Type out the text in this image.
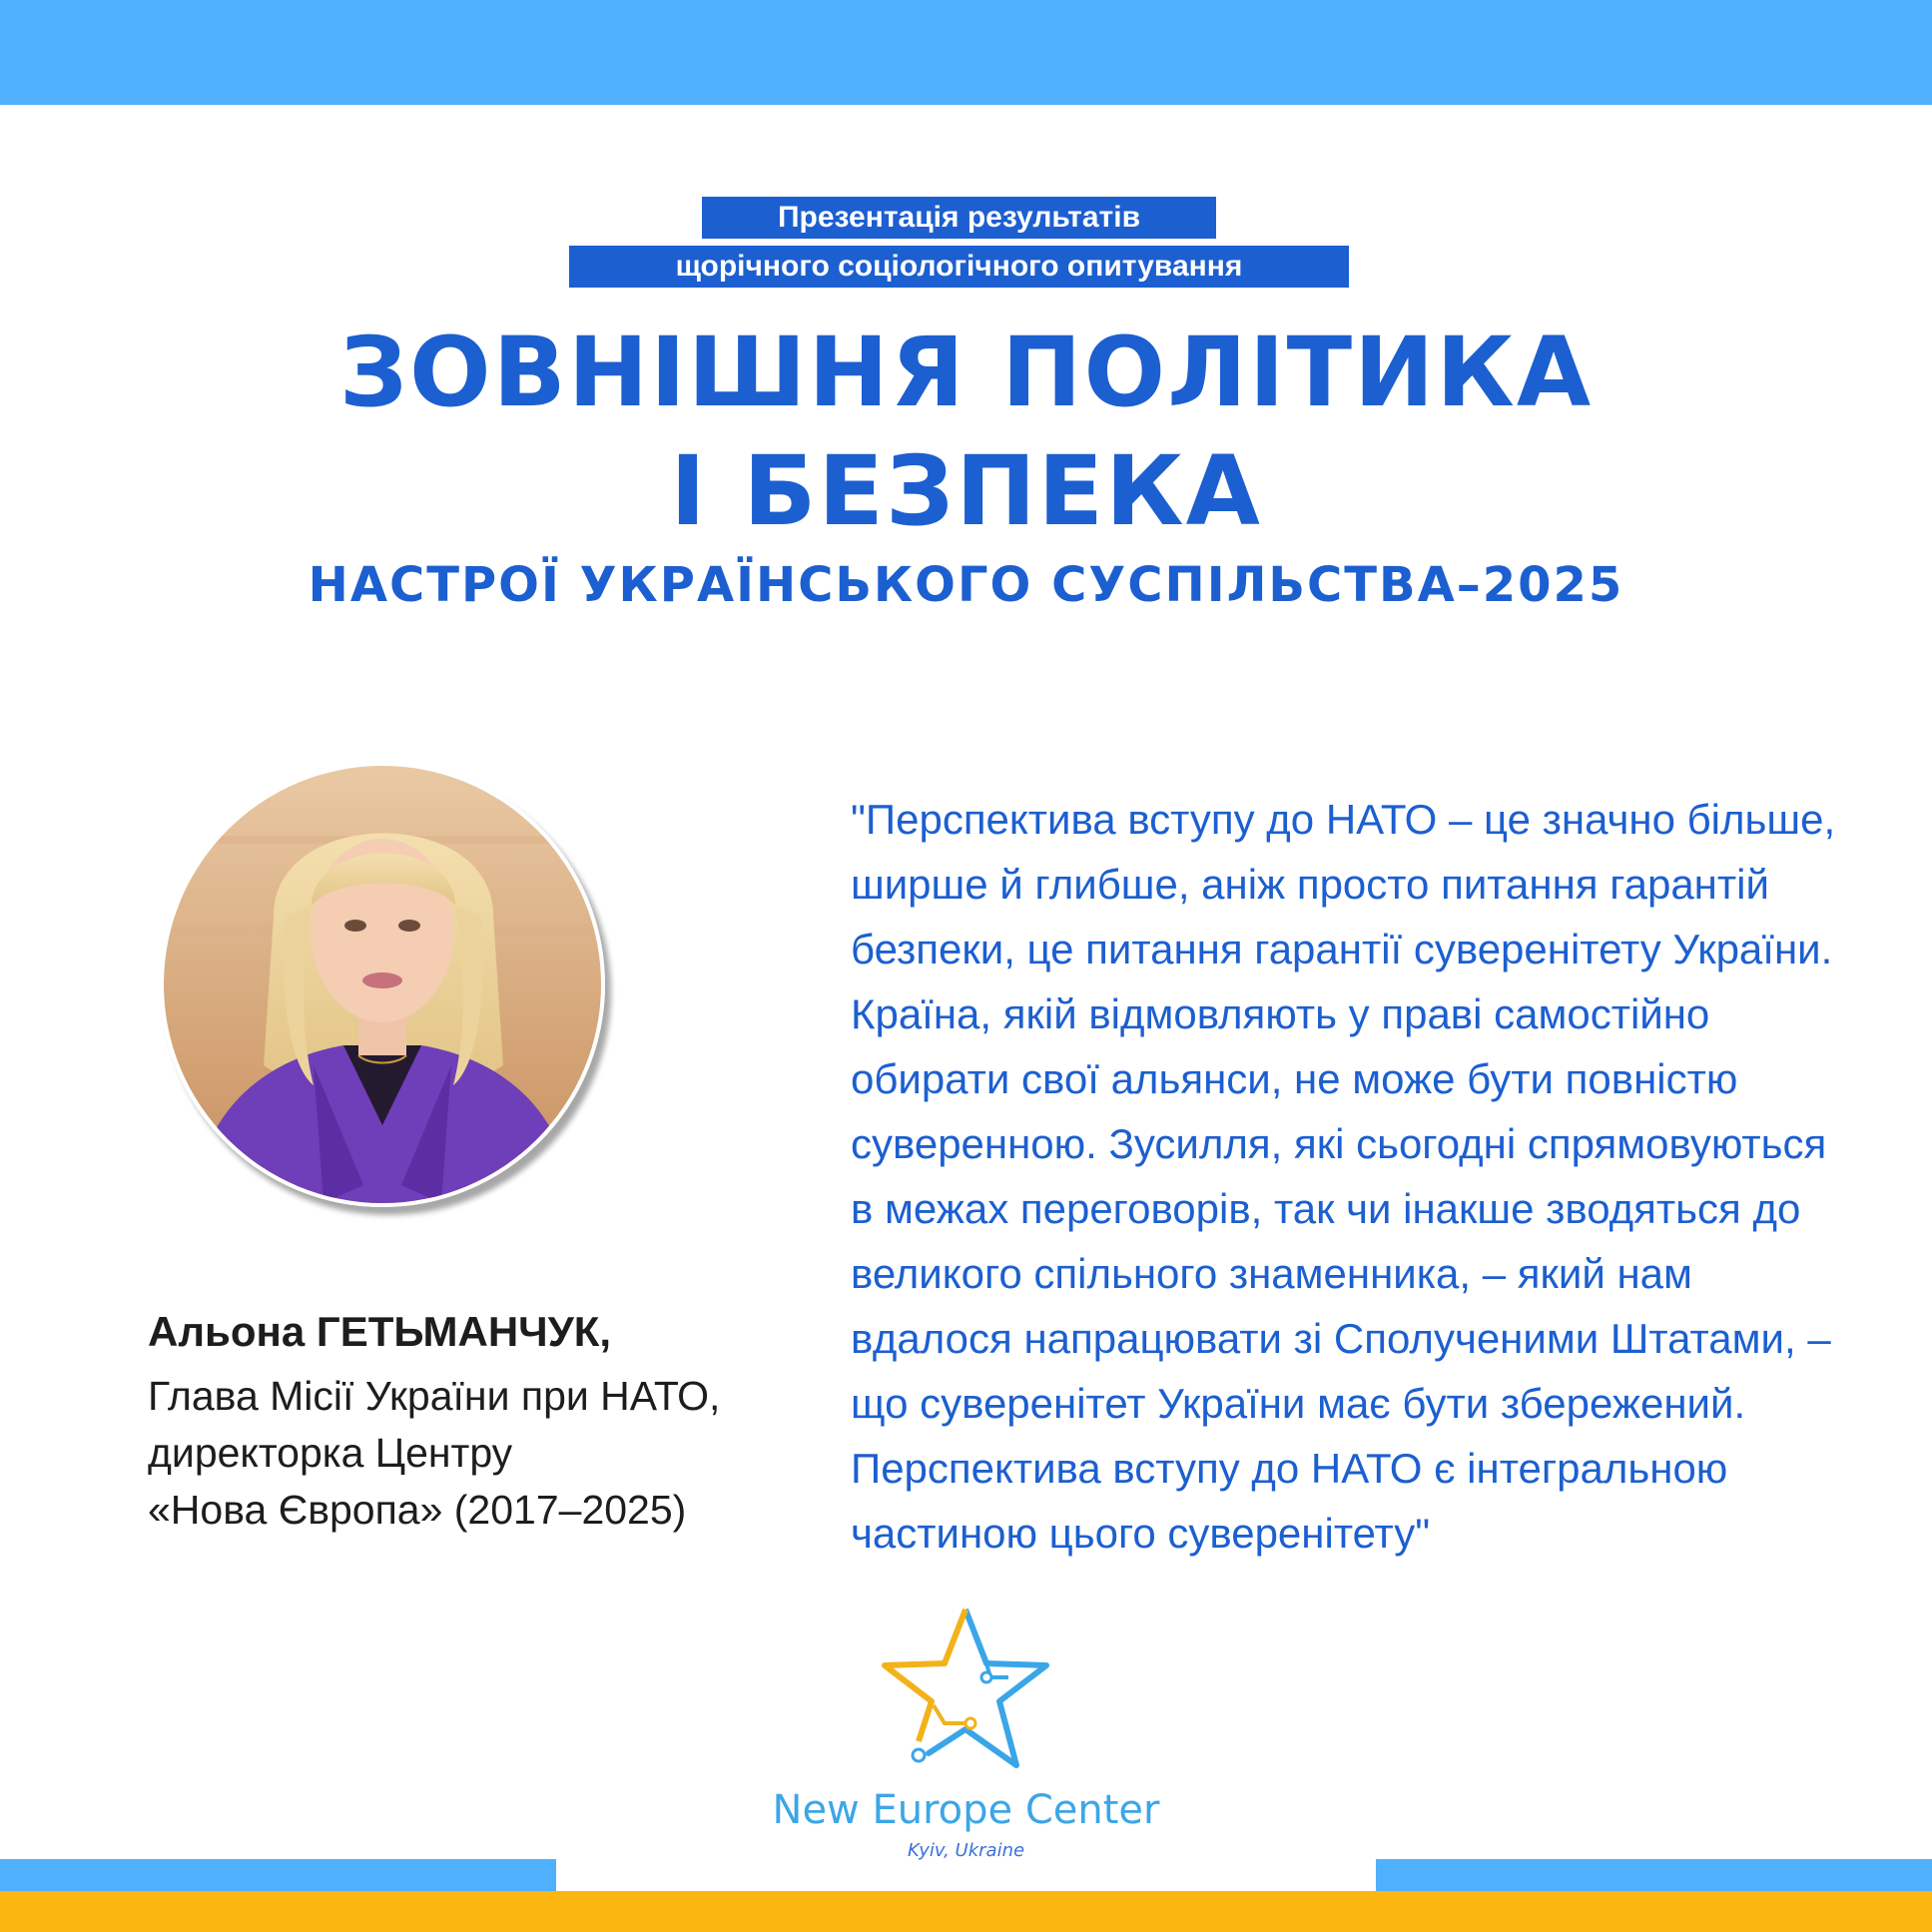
Презентація результатів
щорічного соціологічного опитування
ЗОВНІШНЯ ПОЛІТИКА
І БЕЗПЕКА
НАСТРОЇ УКРАЇНСЬКОГО СУСПІЛЬСТВА–2025
Альона ГЕТЬМАНЧУК,
Глава Місії України при НАТО,
директорка Центру
«Нова Європа» (2017–2025)
"Перспектива вступу до НАТО – це значно більше,
ширше й глибше, аніж просто питання гарантій
безпеки, це питання гарантії суверенітету України.
Країна, якій відмовляють у праві самостійно
обирати свої альянси, не може бути повністю
суверенною. Зусилля, які сьогодні спрямовуються
в межах переговорів, так чи інакше зводяться до
великого спільного знаменника, – який нам
вдалося напрацювати зі Сполученими Штатами, –
що суверенітет України має бути збережений.
Перспектива вступу до НАТО є інтегральною
частиною цього суверенітету"
New Europe Center
Kyiv, Ukraine
